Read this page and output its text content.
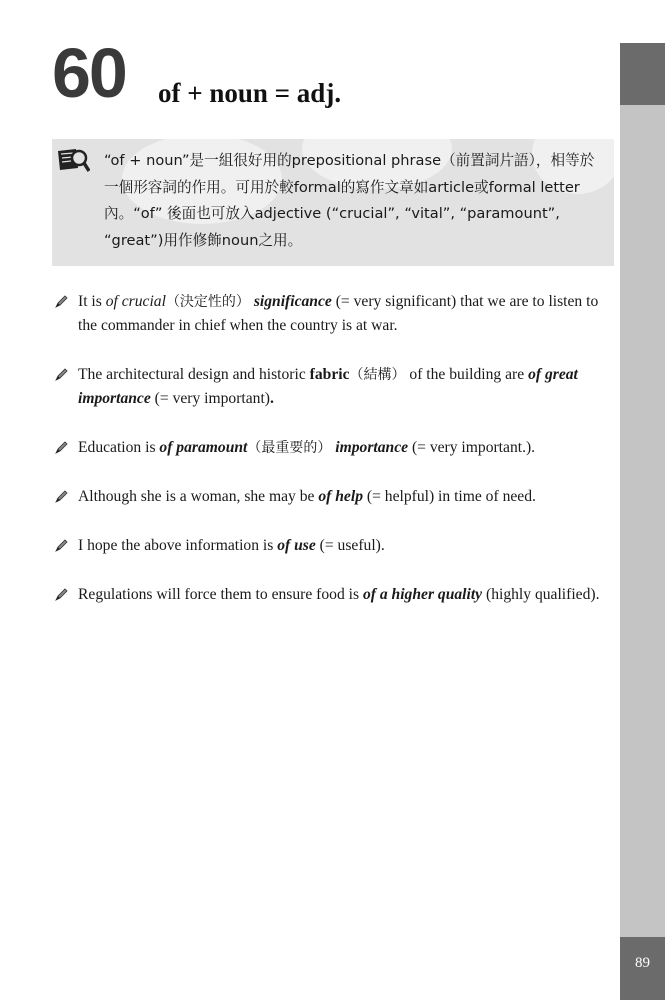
89
60 of + noun = adj.
“of + noun”是一組很好用的prepositional phrase（前置詞片語），相等於一個形容詞的作用。可用於較formal的寫作文章如article或formal letter內。“of” 後面也可放入adjective (“crucial”, “vital”, “paramount”, “great”)用作修飾noun之用。
It is of crucial（決定性的） significance (= very significant) that we are to listen to the commander in chief when the country is at war.
The architectural design and historic fabric（結構） of the building are of great importance (= very important).
Education is of paramount（最重要的） importance (= very important.).
Although she is a woman, she may be of help (= helpful) in time of need.
I hope the above information is of use (= useful).
Regulations will force them to ensure food is of a higher quality (highly qualified).
